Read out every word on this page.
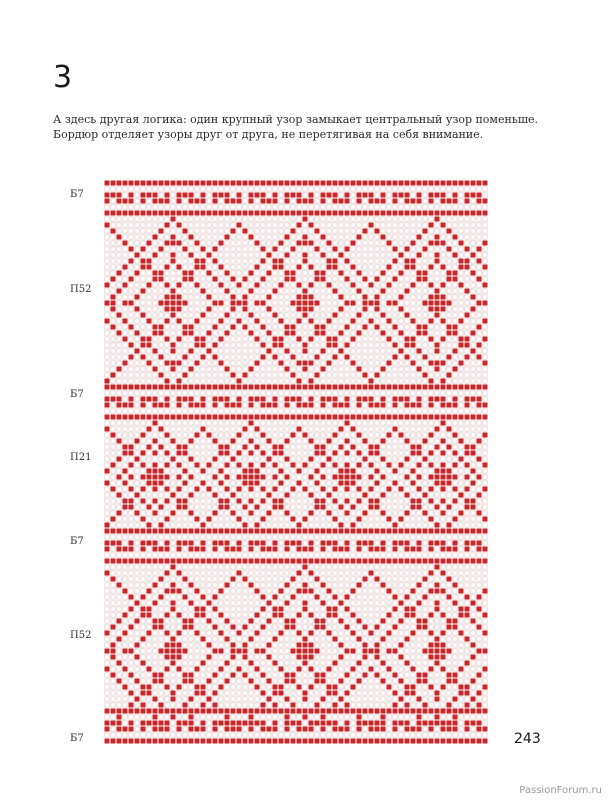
3
А здесь другая логика: один крупный узор замыкает центральный узор поменьше.
Бордюр отделяет узоры друг от друга, не перетягивая на себя внимание.
Б7
П52
Б7
П21
Б7
П52
Б7	243
PassionForum.ru
